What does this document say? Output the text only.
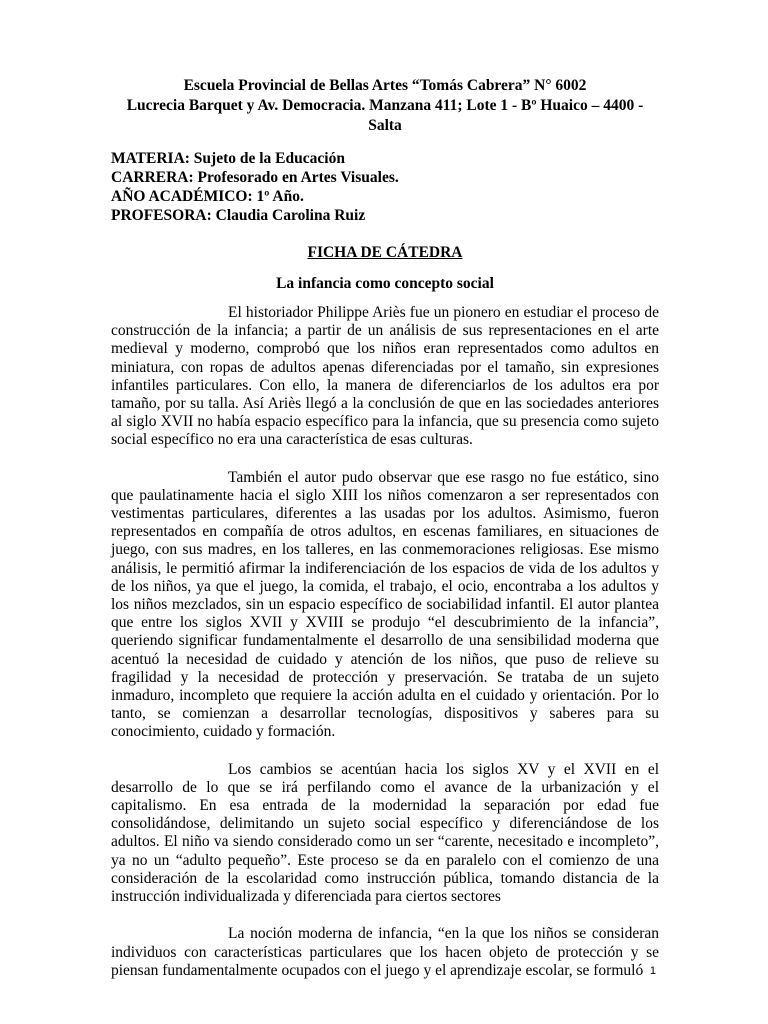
Escuela Provincial de Bellas Artes “Tomás Cabrera” N° 6002
Lucrecia Barquet y Av. Democracia. Manzana 411; Lote 1 - Bº Huaico – 4400 - Salta
MATERIA: Sujeto de la Educación
CARRERA: Profesorado en Artes Visuales.
AÑO ACADÉMICO: 1º Año.
PROFESORA: Claudia Carolina Ruiz
FICHA DE CÁTEDRA
La infancia como concepto social

El historiador Philippe Ariès fue un pionero en estudiar el proceso de construcción de la infancia; a partir de un análisis de sus representaciones en el arte medieval y moderno, comprobó que los niños eran representados como adultos en miniatura, con ropas de adultos apenas diferenciadas por el tamaño, sin expresiones infantiles particulares. Con ello, la manera de diferenciarlos de los adultos era por tamaño, por su talla. Así Ariès llegó a la conclusión de que en las sociedades anteriores al siglo XVII no había espacio específico para la infancia, que su presencia como sujeto social específico no era una característica de esas culturas.

También el autor pudo observar que ese rasgo no fue estático, sino que paulatinamente hacia el siglo XIII los niños comenzaron a ser representados con vestimentas particulares, diferentes a las usadas por los adultos. Asimismo, fueron representados en compañía de otros adultos, en escenas familiares, en situaciones de juego, con sus madres, en los talleres, en las conmemoraciones religiosas. Ese mismo análisis, le permitió afirmar la indiferenciación de los espacios de vida de los adultos y de los niños, ya que el juego, la comida, el trabajo, el ocio, encontraba a los adultos y los niños mezclados, sin un espacio específico de sociabilidad infantil. El autor plantea que entre los siglos XVII y XVIII se produjo “el descubrimiento de la infancia”, queriendo significar fundamentalmente el desarrollo de una sensibilidad moderna que acentuó la necesidad de cuidado y atención de los niños, que puso de relieve su fragilidad y la necesidad de protección y preservación. Se trataba de un sujeto inmaduro, incompleto que requiere la acción adulta en el cuidado y orientación. Por lo tanto, se comienzan a desarrollar tecnologías, dispositivos y saberes para su conocimiento, cuidado y formación.

Los cambios se acentúan hacia los siglos XV y el XVII en el desarrollo de lo que se irá perfilando como el avance de la urbanización y el capitalismo. En esa entrada de la modernidad la separación por edad fue consolidándose, delimitando un sujeto social específico y diferenciándose de los adultos. El niño va siendo considerado como un ser “carente, necesitado e incompleto”, ya no un “adulto pequeño”. Este proceso se da en paralelo con el comienzo de una consideración de la escolaridad como instrucción pública, tomando distancia de la instrucción individualizada y diferenciada para ciertos sectores

La noción moderna de infancia, “en la que los niños se consideran individuos con características particulares que los hacen objeto de protección y se piensan fundamentalmente ocupados con el juego y el aprendizaje escolar, se formuló 1
